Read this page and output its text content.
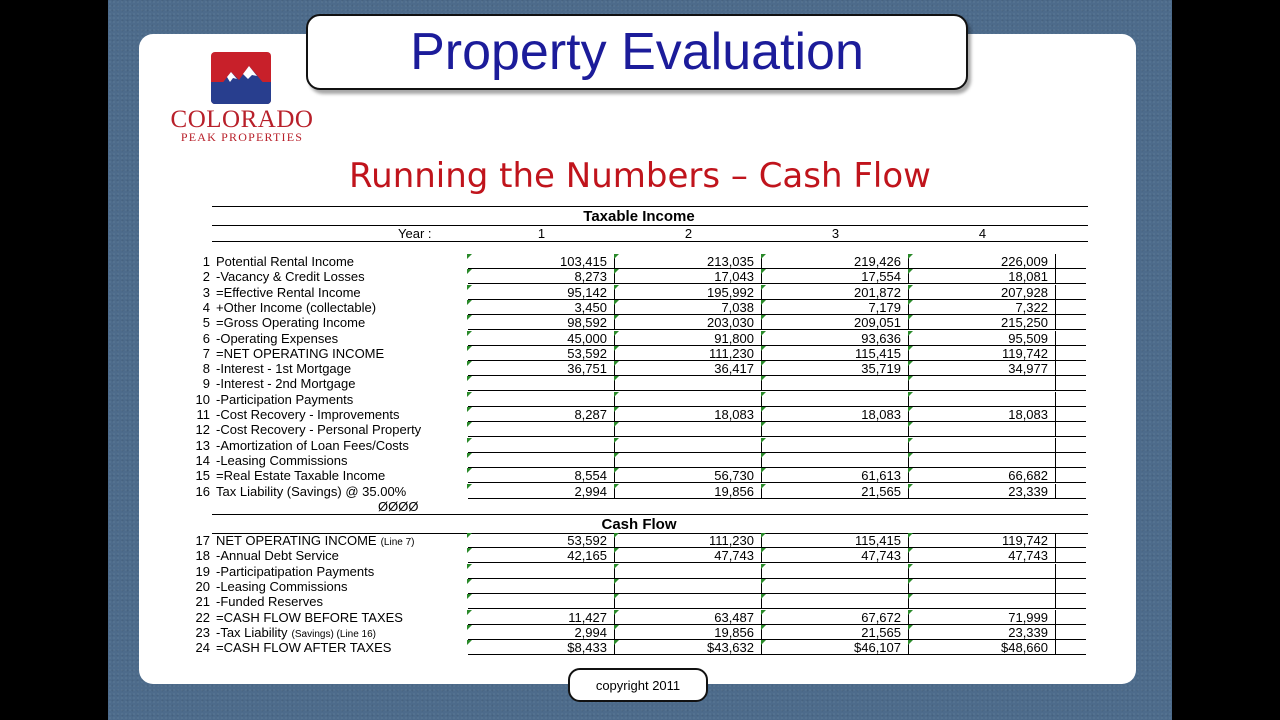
Property Evaluation
COLORADO
PEAK PROPERTIES
Running the Numbers – Cash Flow
Taxable Income
Year :	1	2	3	4
ØØØØ
Cash Flow
1 Potential Rental Income	103,415	213,035	219,426	226,009
2 -Vacancy & Credit Losses	8,273	17,043	17,554	18,081
3 =Effective Rental Income	95,142	195,992	201,872	207,928
4 +Other Income (collectable)	3,450	7,038	7,179	7,322
5 =Gross Operating Income	98,592	203,030	209,051	215,250
6 -Operating Expenses	45,000	91,800	93,636	95,509
7 =NET OPERATING INCOME	53,592	111,230	115,415	119,742
8 -Interest - 1st Mortgage	36,751	36,417	35,719	34,977
9 -Interest - 2nd Mortgage
10 -Participation Payments
11 -Cost Recovery - Improvements	8,287	18,083	18,083	18,083
12 -Cost Recovery - Personal Property
13 -Amortization of Loan Fees/Costs
14 -Leasing Commissions
15 =Real Estate Taxable Income	8,554	56,730	61,613	66,682
16 Tax Liability (Savings) @ 35.00%	2,994	19,856	21,565	23,339
17 NET OPERATING INCOME (Line 7)	53,592	111,230	115,415	119,742
18 -Annual Debt Service	42,165	47,743	47,743	47,743
19 -Participatipation Payments
20 -Leasing Commissions
21 -Funded Reserves
22 =CASH FLOW BEFORE TAXES	11,427	63,487	67,672	71,999
23 -Tax Liability (Savings) (Line 16)	2,994	19,856	21,565	23,339
24 =CASH FLOW AFTER TAXES	$8,433	$43,632	$46,107	$48,660
copyright 2011
